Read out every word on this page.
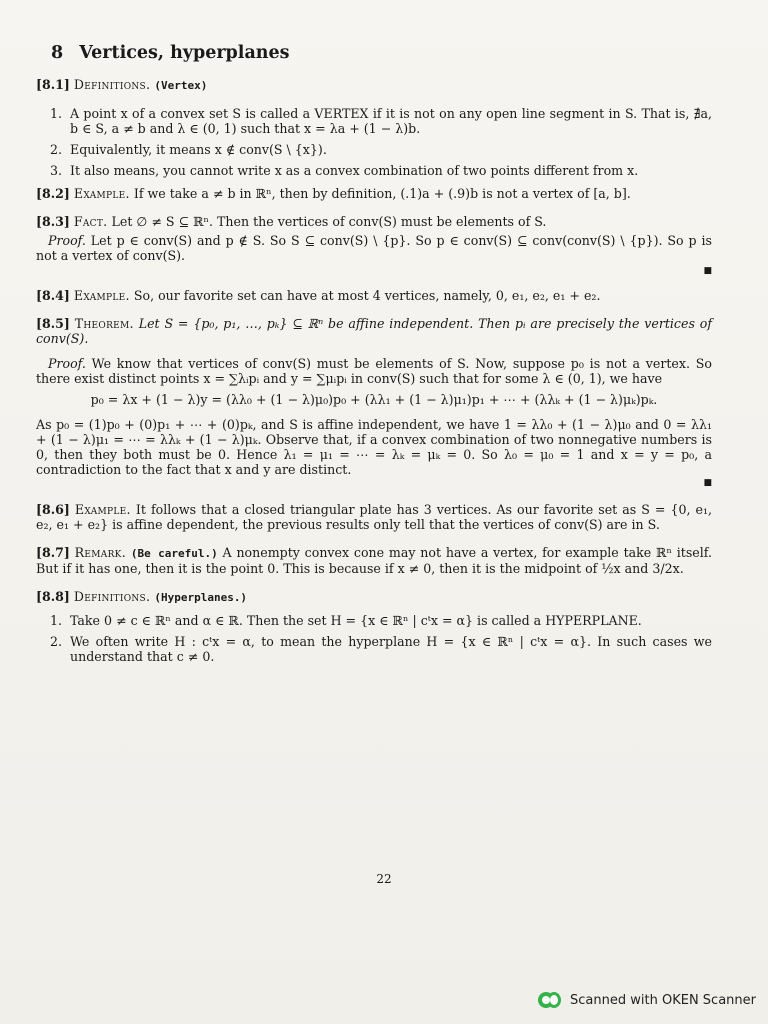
8 Vertices, hyperplanes
[8.1] Definitions. (Vertex)
1. A point x of a convex set S is called a VERTEX if it is not on any open line segment in S. That is, ∄a, b ∈ S, a ≠ b and λ ∈ (0, 1) such that x = λa + (1 − λ)b.
2. Equivalently, it means x ∉ conv(S \ {x}).
3. It also means, you cannot write x as a convex combination of two points different from x.
[8.2] Example. If we take a ≠ b in ℝⁿ, then by definition, (.1)a + (.9)b is not a vertex of [a, b].
[8.3] Fact. Let ∅ ≠ S ⊆ ℝⁿ. Then the vertices of conv(S) must be elements of S.
Proof. Let p ∈ conv(S) and p ∉ S. So S ⊆ conv(S) \ {p}. So p ∈ conv(S) ⊆ conv(conv(S) \ {p}). So p is not a vertex of conv(S).
■
[8.4] Example. So, our favorite set can have at most 4 vertices, namely, 0, e₁, e₂, e₁ + e₂.
[8.5] Theorem. Let S = {p₀, p₁, …, pₖ} ⊆ ℝⁿ be affine independent. Then pᵢ are precisely the vertices of conv(S).
Proof. We know that vertices of conv(S) must be elements of S. Now, suppose p₀ is not a vertex. So there exist distinct points x = ∑λᵢpᵢ and y = ∑μᵢpᵢ in conv(S) such that for some λ ∈ (0, 1), we have
p₀ = λx + (1 − λ)y = (λλ₀ + (1 − λ)μ₀)p₀ + (λλ₁ + (1 − λ)μ₁)p₁ + ⋯ + (λλₖ + (1 − λ)μₖ)pₖ.
As p₀ = (1)p₀ + (0)p₁ + ⋯ + (0)pₖ, and S is affine independent, we have 1 = λλ₀ + (1 − λ)μ₀ and 0 = λλ₁ + (1 − λ)μ₁ = ⋯ = λλₖ + (1 − λ)μₖ. Observe that, if a convex combination of two nonnegative numbers is 0, then they both must be 0. Hence λ₁ = μ₁ = ⋯ = λₖ = μₖ = 0. So λ₀ = μ₀ = 1 and x = y = p₀, a contradiction to the fact that x and y are distinct.
■
[8.6] Example. It follows that a closed triangular plate has 3 vertices. As our favorite set as S = {0, e₁, e₂, e₁ + e₂} is affine dependent, the previous results only tell that the vertices of conv(S) are in S.
[8.7] Remark. (Be careful.) A nonempty convex cone may not have a vertex, for example take ℝⁿ itself. But if it has one, then it is the point 0. This is because if x ≠ 0, then it is the midpoint of ½x and 3/2x.
[8.8] Definitions. (Hyperplanes.)
1. Take 0 ≠ c ∈ ℝⁿ and α ∈ ℝ. Then the set H = {x ∈ ℝⁿ | cᵗx = α} is called a HYPERPLANE.
2. We often write H : cᵗx = α, to mean the hyperplane H = {x ∈ ℝⁿ | cᵗx = α}. In such cases we understand that c ≠ 0.
22
Scanned with OKEN Scanner
